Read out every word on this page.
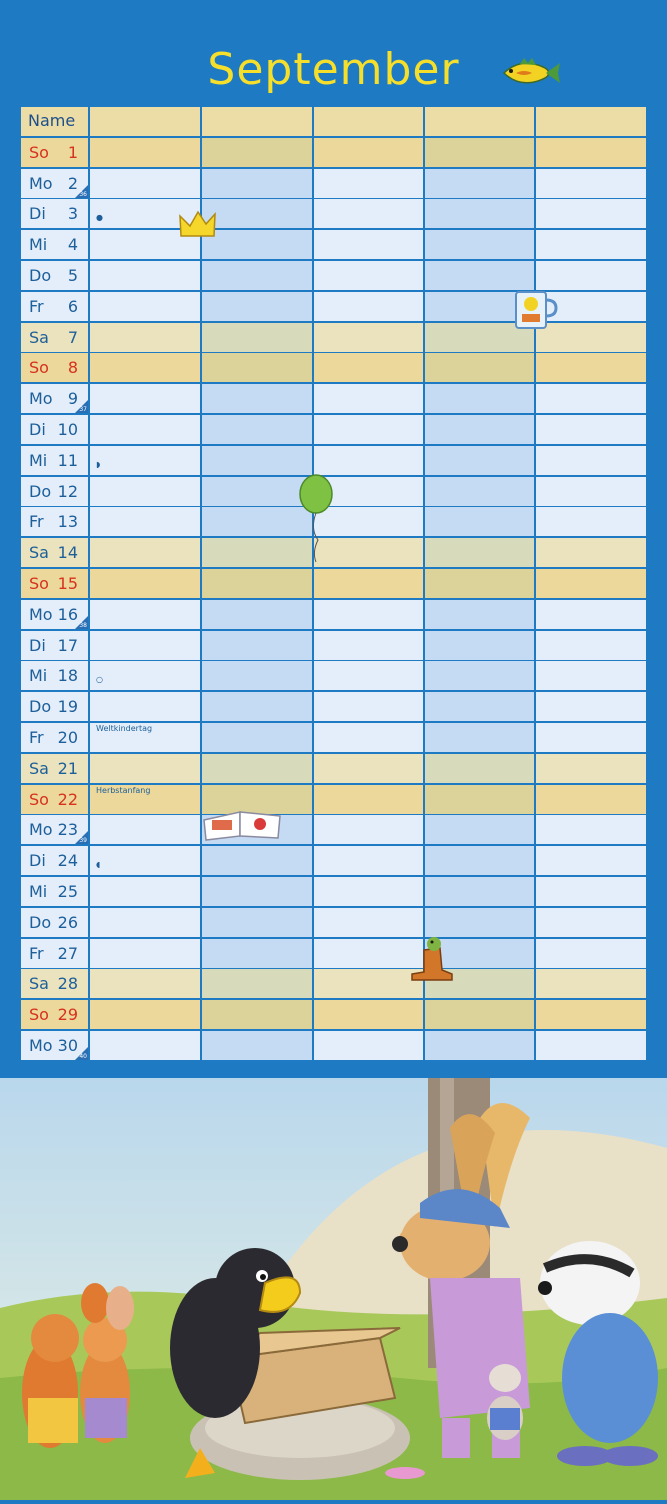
September
Name
So 1
Mo 2
36
Di 3 ●
Mi 4
Do 5
Fr 6
Sa 7
So 8
Mo 9
37
Di 10
Mi 11 ◗
Do 12
Fr 13
Sa 14
So 15
Mo 16
38
Di 17
Mi 18 ○
Do 19
Fr 20 Weltkindertag
Sa 21
So 22 Herbstanfang
Mo 23
39
Di 24 ◖
Mi 25
Do 26
Fr 27
Sa 28
So 29
Mo 30
40
